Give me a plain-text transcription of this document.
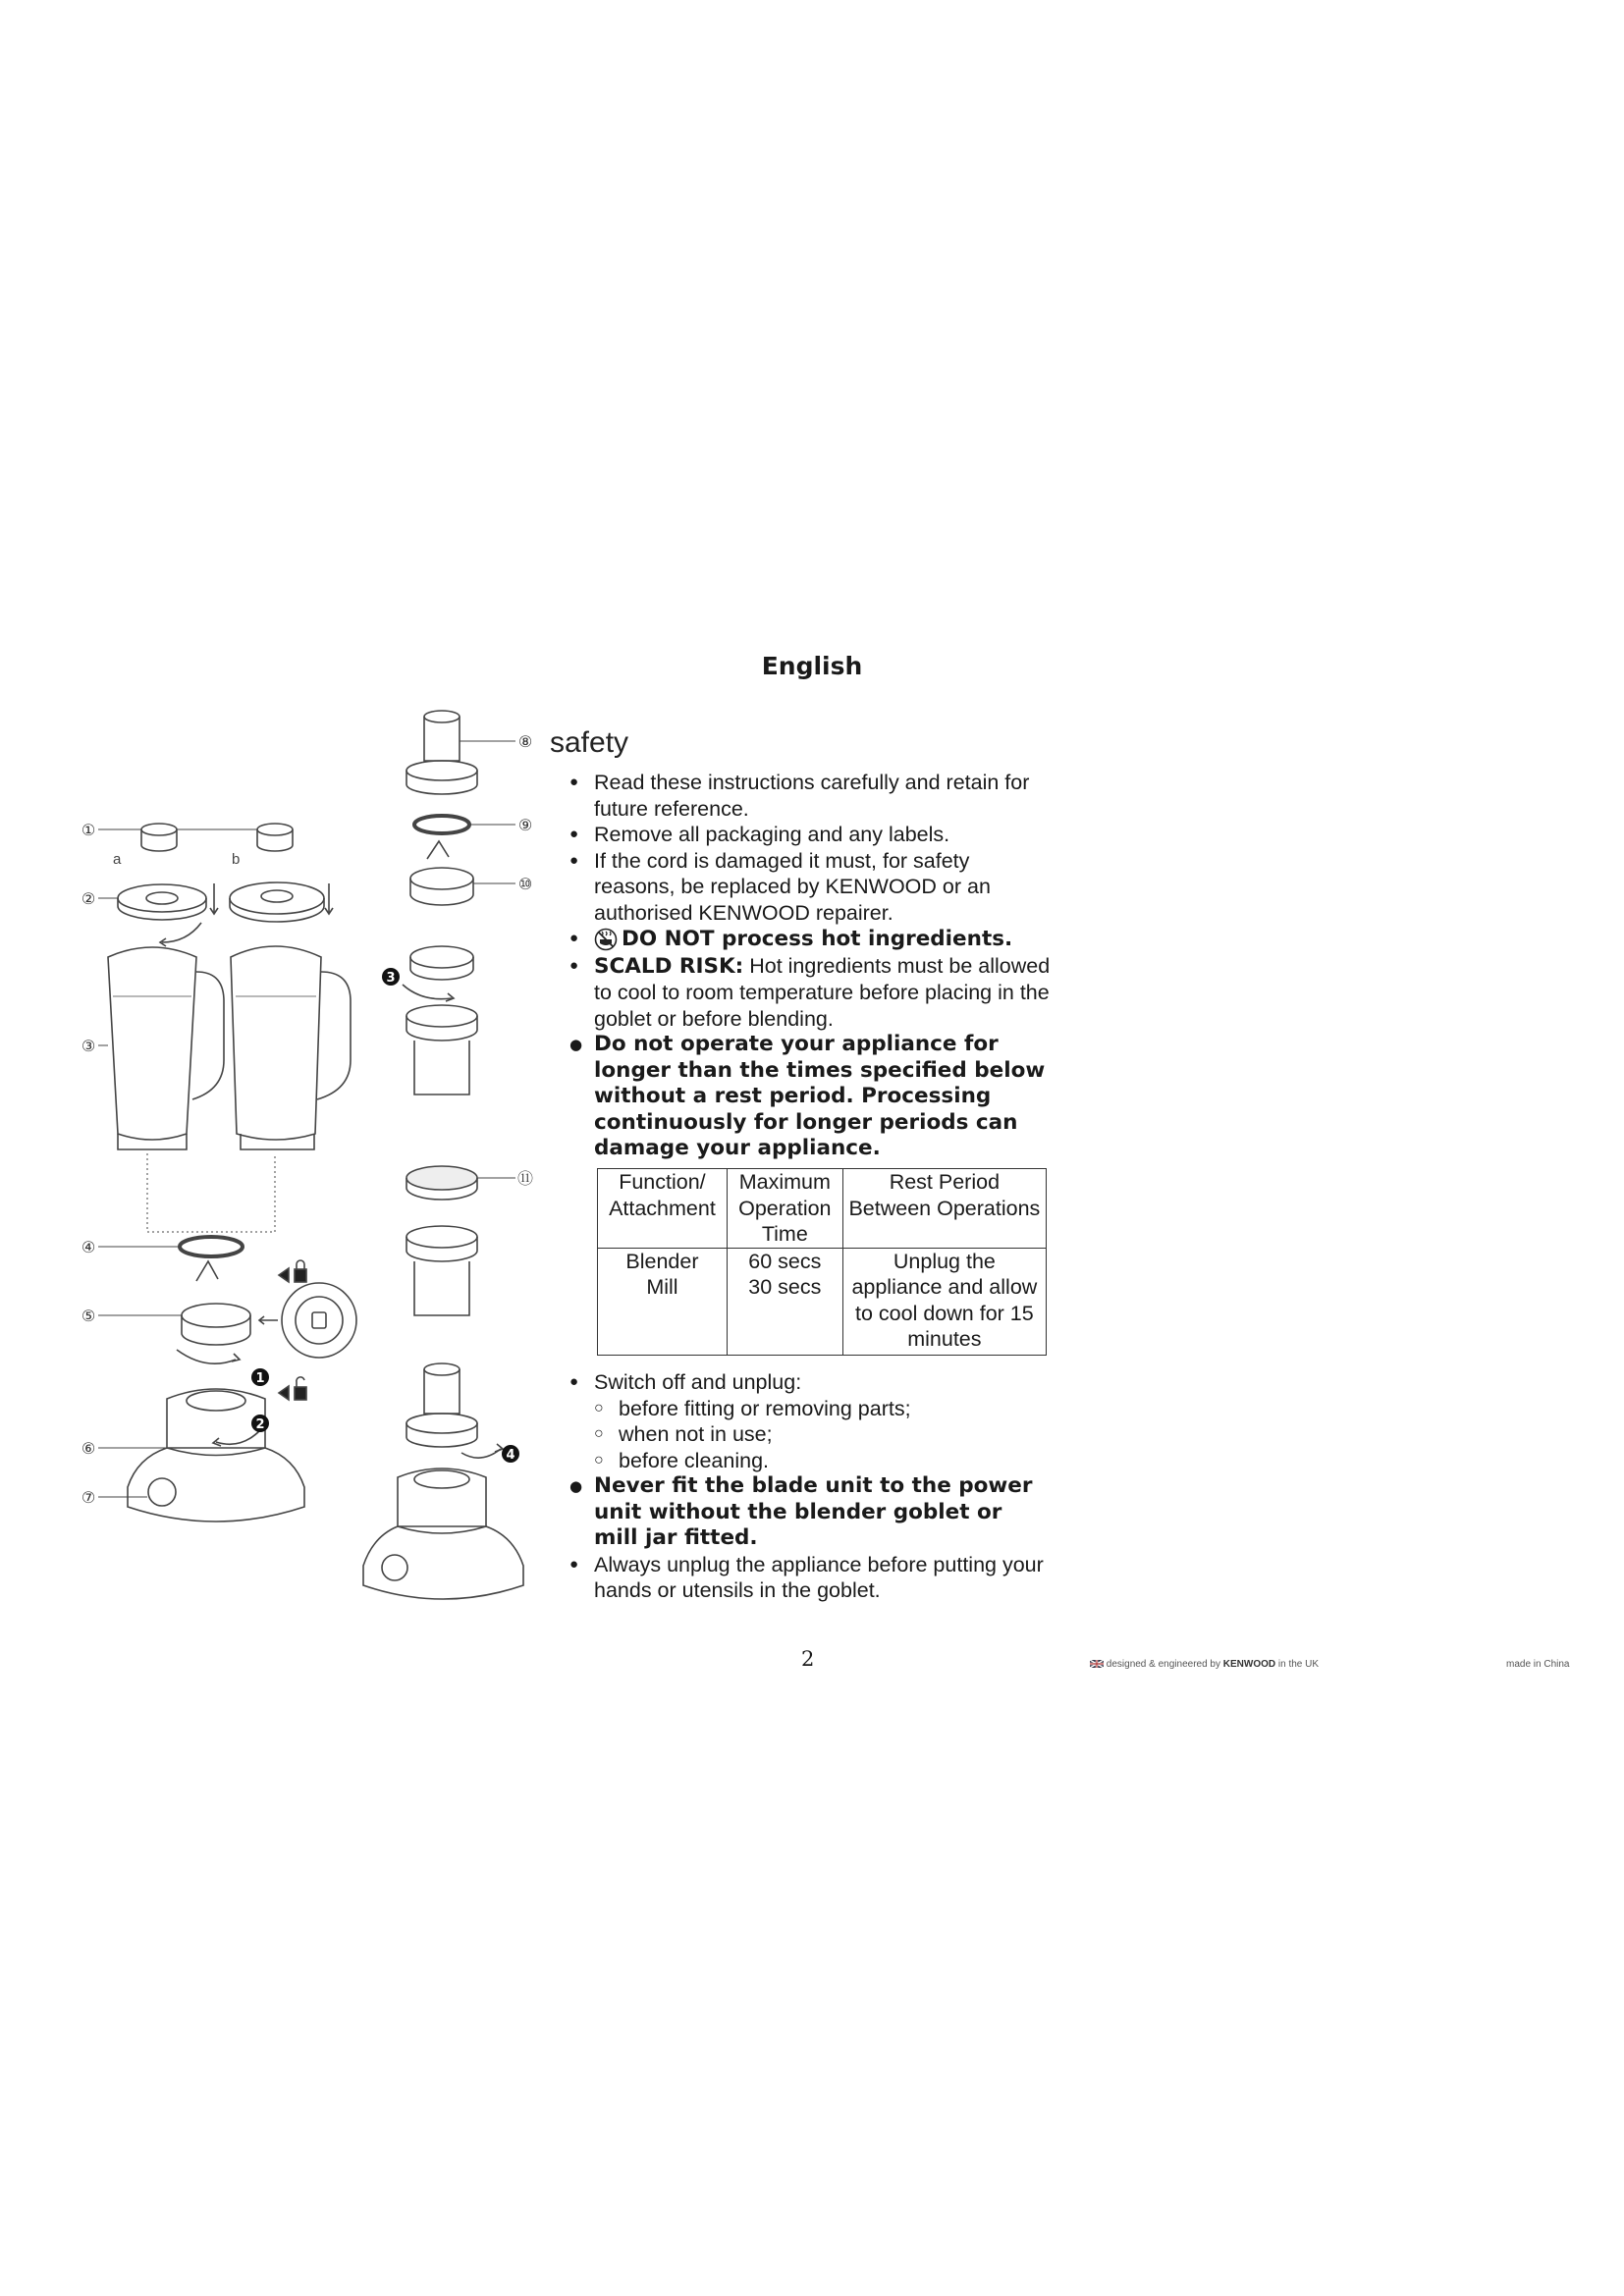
English
1
2
3
4
①
②
③
④
⑤
⑥
⑦
⑧
⑨
⑩
⑪
a	b
safety
● Read these instructions carefully and retain for future reference.
● Remove all packaging and any labels.
● If the cord is damaged it must, for safety reasons, be replaced by KENWOOD or an authorised KENWOOD repairer.
● DO NOT process hot ingredients.
● SCALD RISK: Hot ingredients must be allowed to cool to room temperature before placing in the goblet or before blending.
● Do not operate your appliance for longer than the times specified below without a rest period. Processing continuously for longer periods can damage your appliance.
Function/ Attachment	Maximum Operation Time	Rest Period Between Operations
Blender	60 secs	Unplug the appliance and allow to cool down for 15 minutes
Mill	30 secs	
● Switch off and unplug:
○ before fitting or removing parts;
○ when not in use;
○ before cleaning.
● Never fit the blade unit to the power unit without the blender goblet or mill jar fitted.
● Always unplug the appliance before putting your hands or utensils in the goblet.
2	designed & engineered by KENWOOD in the UK	made in China
